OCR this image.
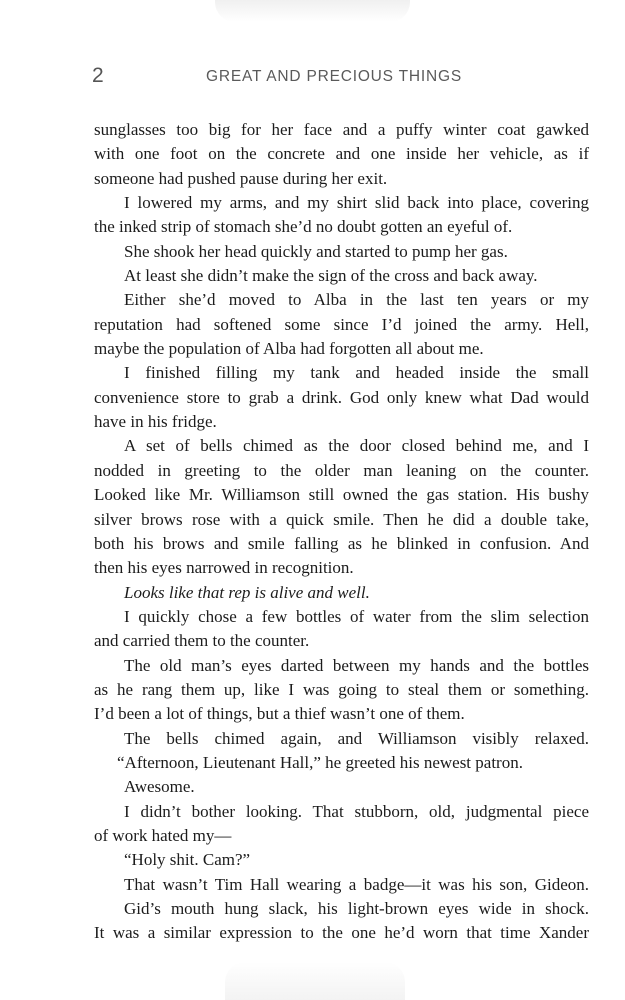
2	GREAT AND PRECIOUS THINGS
sunglasses too big for her face and a puffy winter coat gawked
with one foot on the concrete and one inside her vehicle, as if
someone had pushed pause during her exit.
I lowered my arms, and my shirt slid back into place, covering
the inked strip of stomach she’d no doubt gotten an eyeful of.
She shook her head quickly and started to pump her gas.
At least she didn’t make the sign of the cross and back away.
Either she’d moved to Alba in the last ten years or my
reputation had softened some since I’d joined the army. Hell,
maybe the population of Alba had forgotten all about me.
I finished filling my tank and headed inside the small
convenience store to grab a drink. God only knew what Dad would
have in his fridge.
A set of bells chimed as the door closed behind me, and I
nodded in greeting to the older man leaning on the counter.
Looked like Mr. Williamson still owned the gas station. His bushy
silver brows rose with a quick smile. Then he did a double take,
both his brows and smile falling as he blinked in confusion. And
then his eyes narrowed in recognition.
Looks like that rep is alive and well.
I quickly chose a few bottles of water from the slim selection
and carried them to the counter.
The old man’s eyes darted between my hands and the bottles
as he rang them up, like I was going to steal them or something.
I’d been a lot of things, but a thief wasn’t one of them.
The bells chimed again, and Williamson visibly relaxed.
“Afternoon, Lieutenant Hall,” he greeted his newest patron.
Awesome.
I didn’t bother looking. That stubborn, old, judgmental piece
of work hated my—
“Holy shit. Cam?”
That wasn’t Tim Hall wearing a badge—it was his son, Gideon.
Gid’s mouth hung slack, his light-brown eyes wide in shock.
It was a similar expression to the one he’d worn that time Xander
